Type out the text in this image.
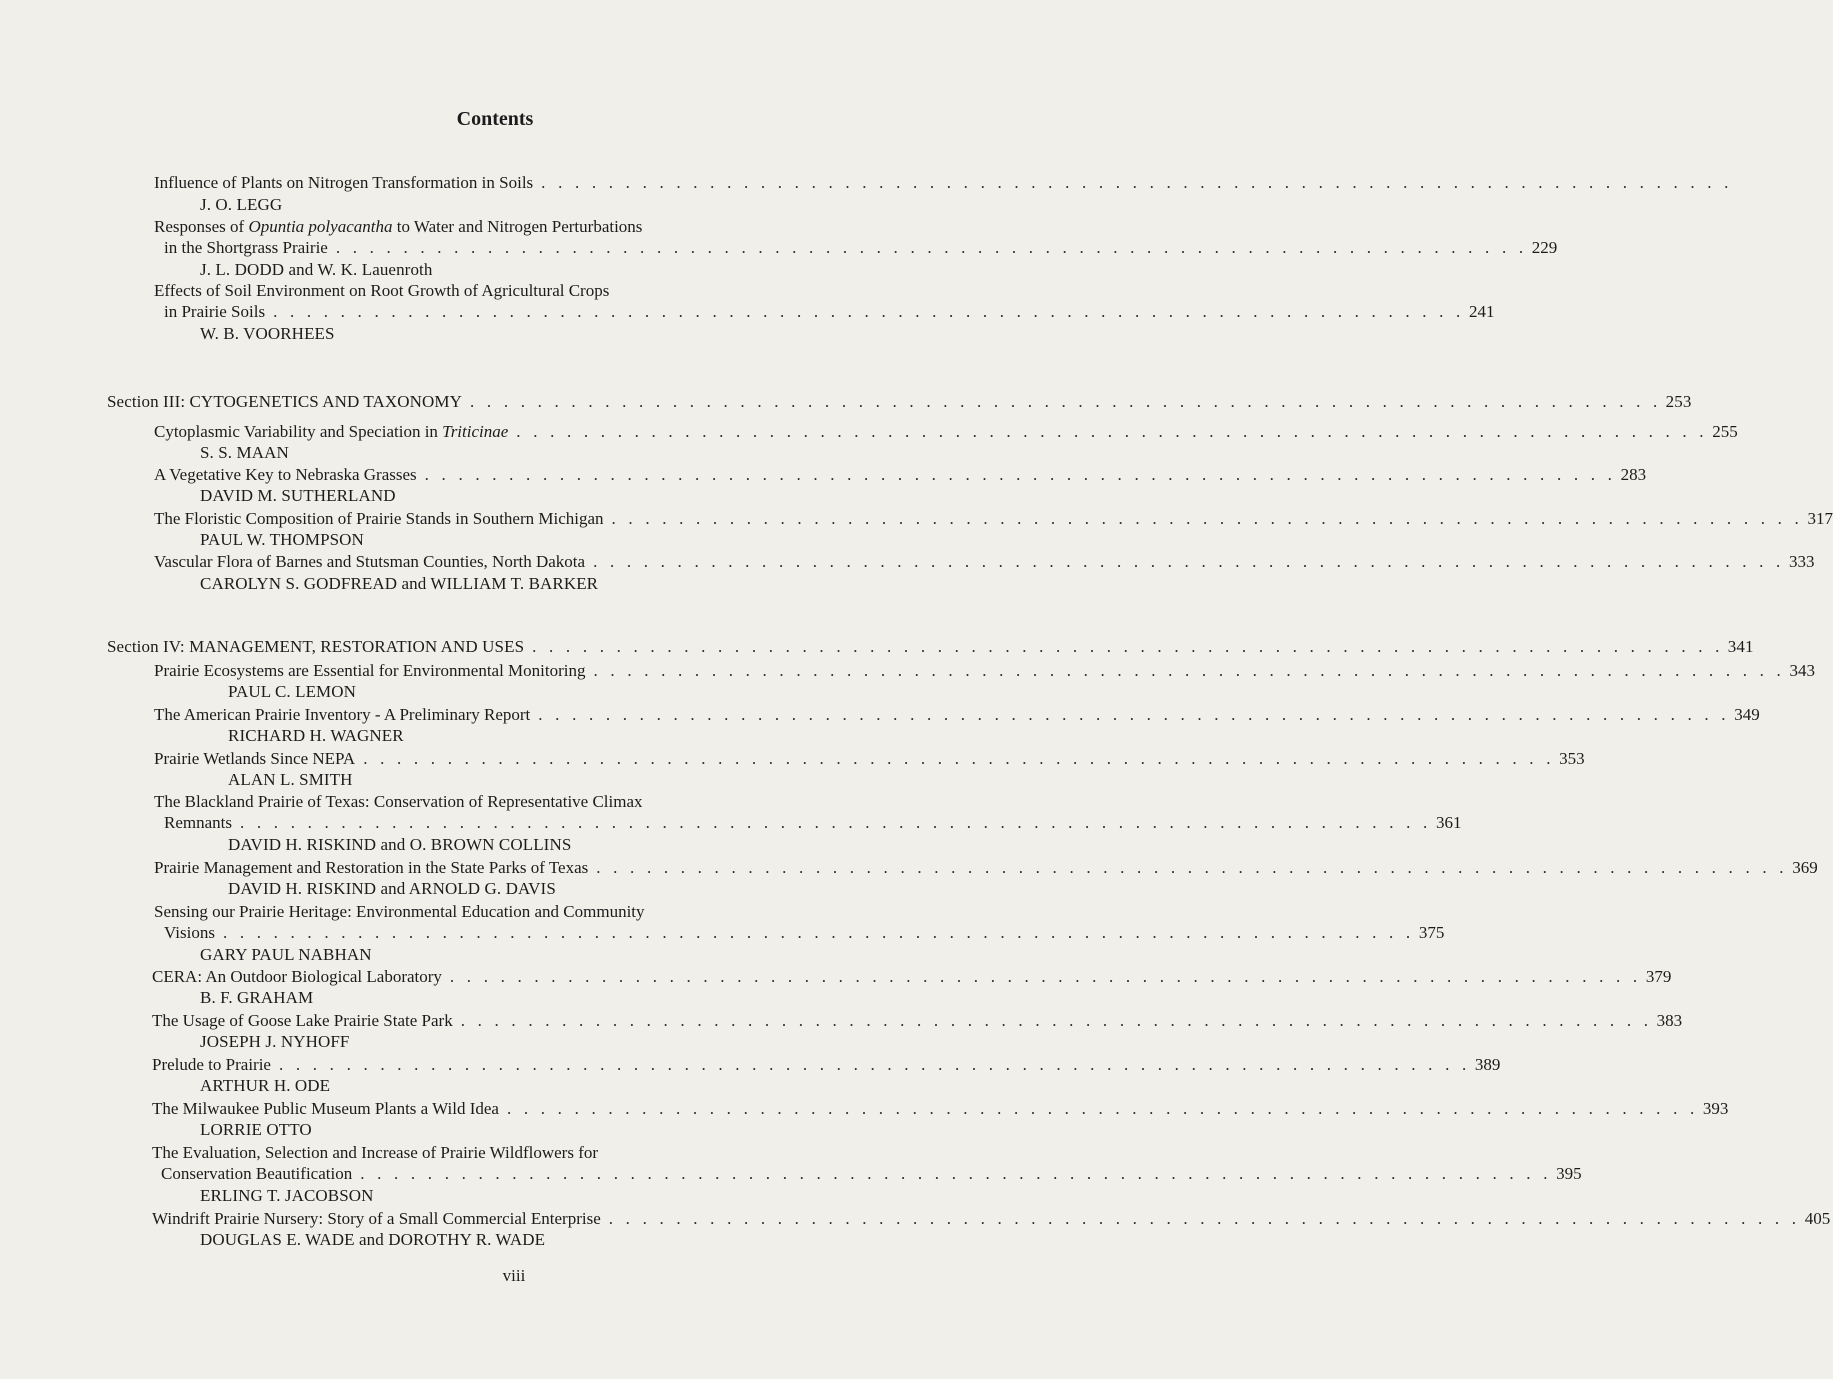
Contents
Influence of Plants on Nitrogen Transformation in Soils . . . . . . . . . . . . . . . . . . . . . . . . . . . . . . . . . . . . . . . . . . . . . . . . . . . . . . . . . . . . . . . . . . . . . . .
J. O. LEGG
Responses of Opuntia polyacantha to Water and Nitrogen Perturbations
in the Shortgrass Prairie . . . . . . . . . . . . . . . . . . . . . . . . . . . . . . . . . . . . . . . . . . . . . . . . . . . . . . . . . . . . . . . . . . . . . . . 229
J. L. DODD and W. K. Lauenroth
Effects of Soil Environment on Root Growth of Agricultural Crops
in Prairie Soils . . . . . . . . . . . . . . . . . . . . . . . . . . . . . . . . . . . . . . . . . . . . . . . . . . . . . . . . . . . . . . . . . . . . . . . 241
W. B. VOORHEES
Section III: CYTOGENETICS AND TAXONOMY . . . . . . . . . . . . . . . . . . . . . . . . . . . . . . . . . . . . . . . . . . . . . . . . . . . . . . . . . . . . . . . . . . . . . . . 253
Cytoplasmic Variability and Speciation in Triticinae . . . . . . . . . . . . . . . . . . . . . . . . . . . . . . . . . . . . . . . . . . . . . . . . . . . . . . . . . . . . . . . . . . . . . . . 255
S. S. MAAN
A Vegetative Key to Nebraska Grasses . . . . . . . . . . . . . . . . . . . . . . . . . . . . . . . . . . . . . . . . . . . . . . . . . . . . . . . . . . . . . . . . . . . . . . . 283
DAVID M. SUTHERLAND
The Floristic Composition of Prairie Stands in Southern Michigan . . . . . . . . . . . . . . . . . . . . . . . . . . . . . . . . . . . . . . . . . . . . . . . . . . . . . . . . . . . . . . . . . . . . . . . 317
PAUL W. THOMPSON
Vascular Flora of Barnes and Stutsman Counties, North Dakota . . . . . . . . . . . . . . . . . . . . . . . . . . . . . . . . . . . . . . . . . . . . . . . . . . . . . . . . . . . . . . . . . . . . . . . 333
CAROLYN S. GODFREAD and WILLIAM T. BARKER
Section IV: MANAGEMENT, RESTORATION AND USES . . . . . . . . . . . . . . . . . . . . . . . . . . . . . . . . . . . . . . . . . . . . . . . . . . . . . . . . . . . . . . . . . . . . . . . 341
Prairie Ecosystems are Essential for Environmental Monitoring . . . . . . . . . . . . . . . . . . . . . . . . . . . . . . . . . . . . . . . . . . . . . . . . . . . . . . . . . . . . . . . . . . . . . . . 343
PAUL C. LEMON
The American Prairie Inventory - A Preliminary Report . . . . . . . . . . . . . . . . . . . . . . . . . . . . . . . . . . . . . . . . . . . . . . . . . . . . . . . . . . . . . . . . . . . . . . . 349
RICHARD H. WAGNER
Prairie Wetlands Since NEPA . . . . . . . . . . . . . . . . . . . . . . . . . . . . . . . . . . . . . . . . . . . . . . . . . . . . . . . . . . . . . . . . . . . . . . . 353
ALAN L. SMITH
The Blackland Prairie of Texas: Conservation of Representative Climax
Remnants . . . . . . . . . . . . . . . . . . . . . . . . . . . . . . . . . . . . . . . . . . . . . . . . . . . . . . . . . . . . . . . . . . . . . . . 361
DAVID H. RISKIND and O. BROWN COLLINS
Prairie Management and Restoration in the State Parks of Texas . . . . . . . . . . . . . . . . . . . . . . . . . . . . . . . . . . . . . . . . . . . . . . . . . . . . . . . . . . . . . . . . . . . . . . . 369
DAVID H. RISKIND and ARNOLD G. DAVIS
Sensing our Prairie Heritage: Environmental Education and Community
Visions . . . . . . . . . . . . . . . . . . . . . . . . . . . . . . . . . . . . . . . . . . . . . . . . . . . . . . . . . . . . . . . . . . . . . . . 375
GARY PAUL NABHAN
CERA: An Outdoor Biological Laboratory . . . . . . . . . . . . . . . . . . . . . . . . . . . . . . . . . . . . . . . . . . . . . . . . . . . . . . . . . . . . . . . . . . . . . . . 379
B. F. GRAHAM
The Usage of Goose Lake Prairie State Park . . . . . . . . . . . . . . . . . . . . . . . . . . . . . . . . . . . . . . . . . . . . . . . . . . . . . . . . . . . . . . . . . . . . . . . 383
JOSEPH J. NYHOFF
Prelude to Prairie . . . . . . . . . . . . . . . . . . . . . . . . . . . . . . . . . . . . . . . . . . . . . . . . . . . . . . . . . . . . . . . . . . . . . . . 389
ARTHUR H. ODE
The Milwaukee Public Museum Plants a Wild Idea . . . . . . . . . . . . . . . . . . . . . . . . . . . . . . . . . . . . . . . . . . . . . . . . . . . . . . . . . . . . . . . . . . . . . . . 393
LORRIE OTTO
The Evaluation, Selection and Increase of Prairie Wildflowers for
Conservation Beautification . . . . . . . . . . . . . . . . . . . . . . . . . . . . . . . . . . . . . . . . . . . . . . . . . . . . . . . . . . . . . . . . . . . . . . . 395
ERLING T. JACOBSON
Windrift Prairie Nursery: Story of a Small Commercial Enterprise . . . . . . . . . . . . . . . . . . . . . . . . . . . . . . . . . . . . . . . . . . . . . . . . . . . . . . . . . . . . . . . . . . . . . . . 405
DOUGLAS E. WADE and DOROTHY R. WADE
viii
